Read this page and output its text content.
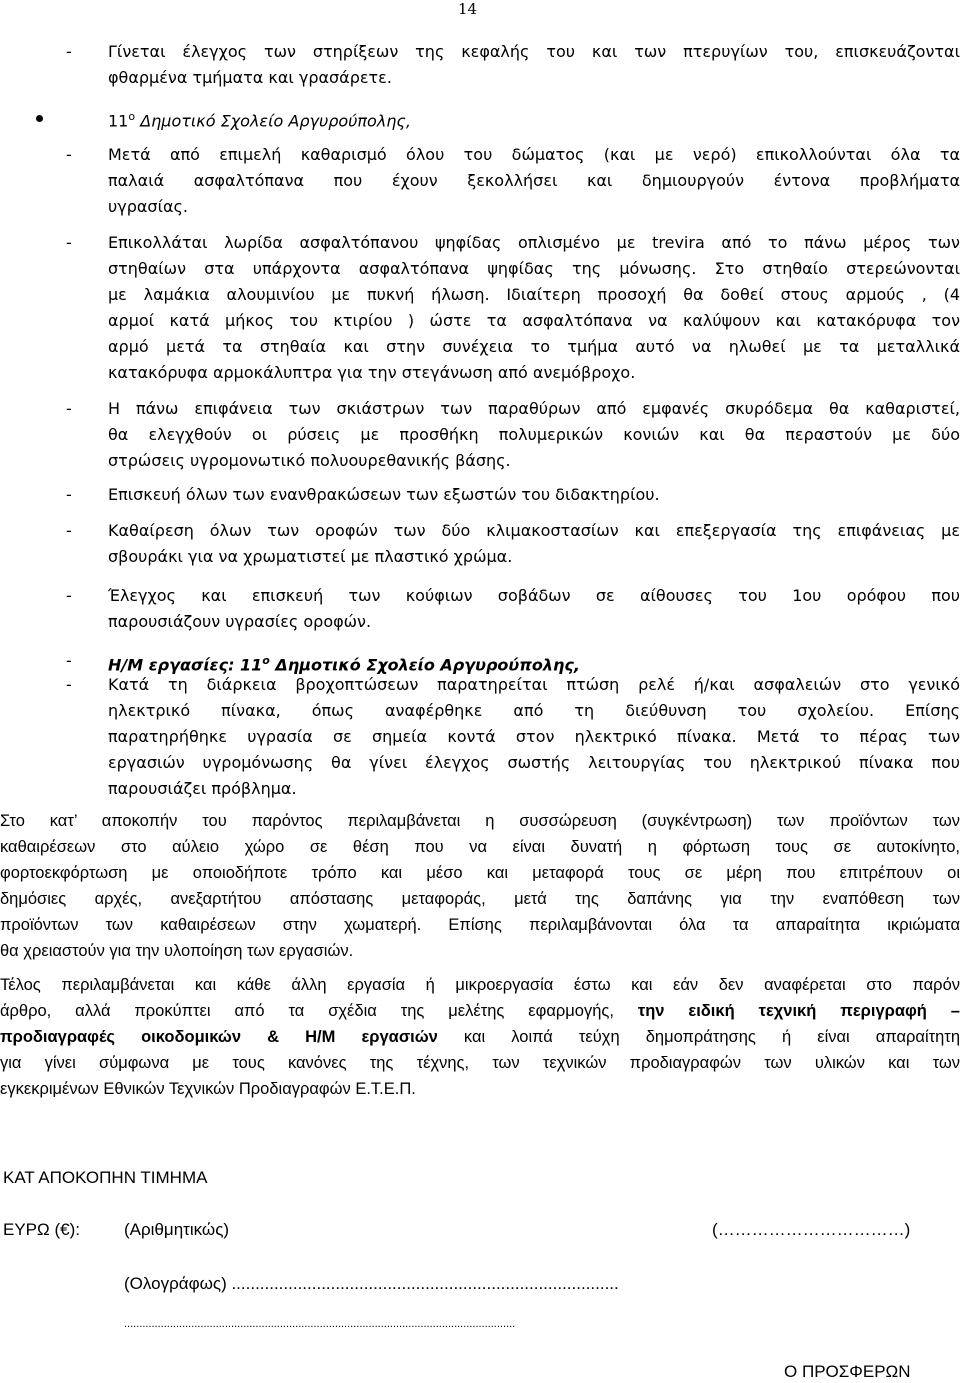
14
- Γίνεται έλεγχος των στηρίξεων της κεφαλής του και των πτερυγίων του, επισκευάζονται
φθαρμένα τμήματα και γρασάρετε.
$11^o$ Δημοτικό Σχολείο Αργυρούπολης,
- Μετά από επιμελή καθαρισμό όλου του δώματος (και με νερό) επικολλούνται όλα τα
παλαιά ασφαλτόπανα που έχουν ξεκολλήσει και δημιουργούν έντονα προβλήματα
υγρασίας.
- Επικολλάται λωρίδα ασφαλτόπανου ψηφίδας οπλισμένο με trevira από το πάνω μέρος των
στηθαίων στα υπάρχοντα ασφαλτόπανα ψηφίδας της μόνωσης. Στο στηθαίο στερεώνονται
με λαμάκια αλουμινίου με πυκνή ήλωση. Ιδιαίτερη προσοχή θα δοθεί στους αρμούς , (4
αρμοί κατά μήκος του κτιρίου ) ώστε τα ασφαλτόπανα να καλύψουν και κατακόρυφα τον
αρμό μετά τα στηθαία και στην συνέχεια το τμήμα αυτό να ηλωθεί με τα μεταλλικά
κατακόρυφα αρμοκάλυπτρα για την στεγάνωση από ανεμόβροχο.
- Η πάνω επιφάνεια των σκιάστρων των παραθύρων από εμφανές σκυρόδεμα θα καθαριστεί,
θα ελεγχθούν οι ρύσεις με προσθήκη πολυμερικών κονιών και θα περαστούν με δύο
στρώσεις υγρομονωτικό πολυουρεθανικής βάσης.
- Επισκευή όλων των ενανθρακώσεων των εξωστών του διδακτηρίου.
- Καθαίρεση όλων των οροφών των δύο κλιμακοστασίων και επεξεργασία της επιφάνειας με
σβουράκι για να χρωματιστεί με πλαστικό χρώμα.
- Έλεγχος και επισκευή των κούφιων σοβάδων σε αίθουσες του 1ου ορόφου που
παρουσιάζουν υγρασίες οροφών.
- Η/Μ εργασίες: $11^o$ Δημοτικό Σχολείο Αργυρούπολης,
- Κατά τη διάρκεια βροχοπτώσεων παρατηρείται πτώση ρελέ ή/και ασφαλειών στο γενικό
ηλεκτρικό πίνακα, όπως αναφέρθηκε από τη διεύθυνση του σχολείου. Επίσης
παρατηρήθηκε υγρασία σε σημεία κοντά στον ηλεκτρικό πίνακα. Μετά το πέρας των
εργασιών υγρομόνωσης θα γίνει έλεγχος σωστής λειτουργίας του ηλεκτρικού πίνακα που
παρουσιάζει πρόβλημα.
Στο κατ’ αποκοπήν του παρόντος περιλαμβάνεται η συσσώρευση (συγκέντρωση) των προϊόντων των
καθαιρέσεων στο αύλειο χώρο σε θέση που να είναι δυνατή η φόρτωση τους σε αυτοκίνητο,
φορτοεκφόρτωση με οποιοδήποτε τρόπο και μέσο και μεταφορά τους σε μέρη που επιτρέπουν οι
δημόσιες αρχές, ανεξαρτήτου απόστασης μεταφοράς, μετά της δαπάνης για την εναπόθεση των
προϊόντων των καθαιρέσεων στην χωματερή. Επίσης περιλαμβάνονται όλα τα απαραίτητα ικριώματα
θα χρειαστούν για την υλοποίηση των εργασιών.
Τέλος περιλαμβάνεται και κάθε άλλη εργασία ή μικροεργασία έστω και εάν δεν αναφέρεται στο παρόν
άρθρο, αλλά προκύπτει από τα σχέδια της μελέτης εφαρμογής, την ειδική τεχνική περιγραφή –
προδιαγραφές οικοδομικών & Η/Μ εργασιών και λοιπά τεύχη δημοπράτησης ή είναι απαραίτητη
για γίνει σύμφωνα με τους κανόνες της τέχνης, των τεχνικών προδιαγραφών των υλικών και των
εγκεκριμένων Εθνικών Τεχνικών Προδιαγραφών Ε.Τ.Ε.Π.
ΚΑΤ ΑΠΟΚΟΠΗΝ ΤΙΜΗΜΑ
ΕΥΡΩ (€):	(Αριθμητικώς)	(……………………………)
(Ολογράφως) ..................................................................................
................................................................................................................................
Ο ΠΡΟΣΦΕΡΩΝ
